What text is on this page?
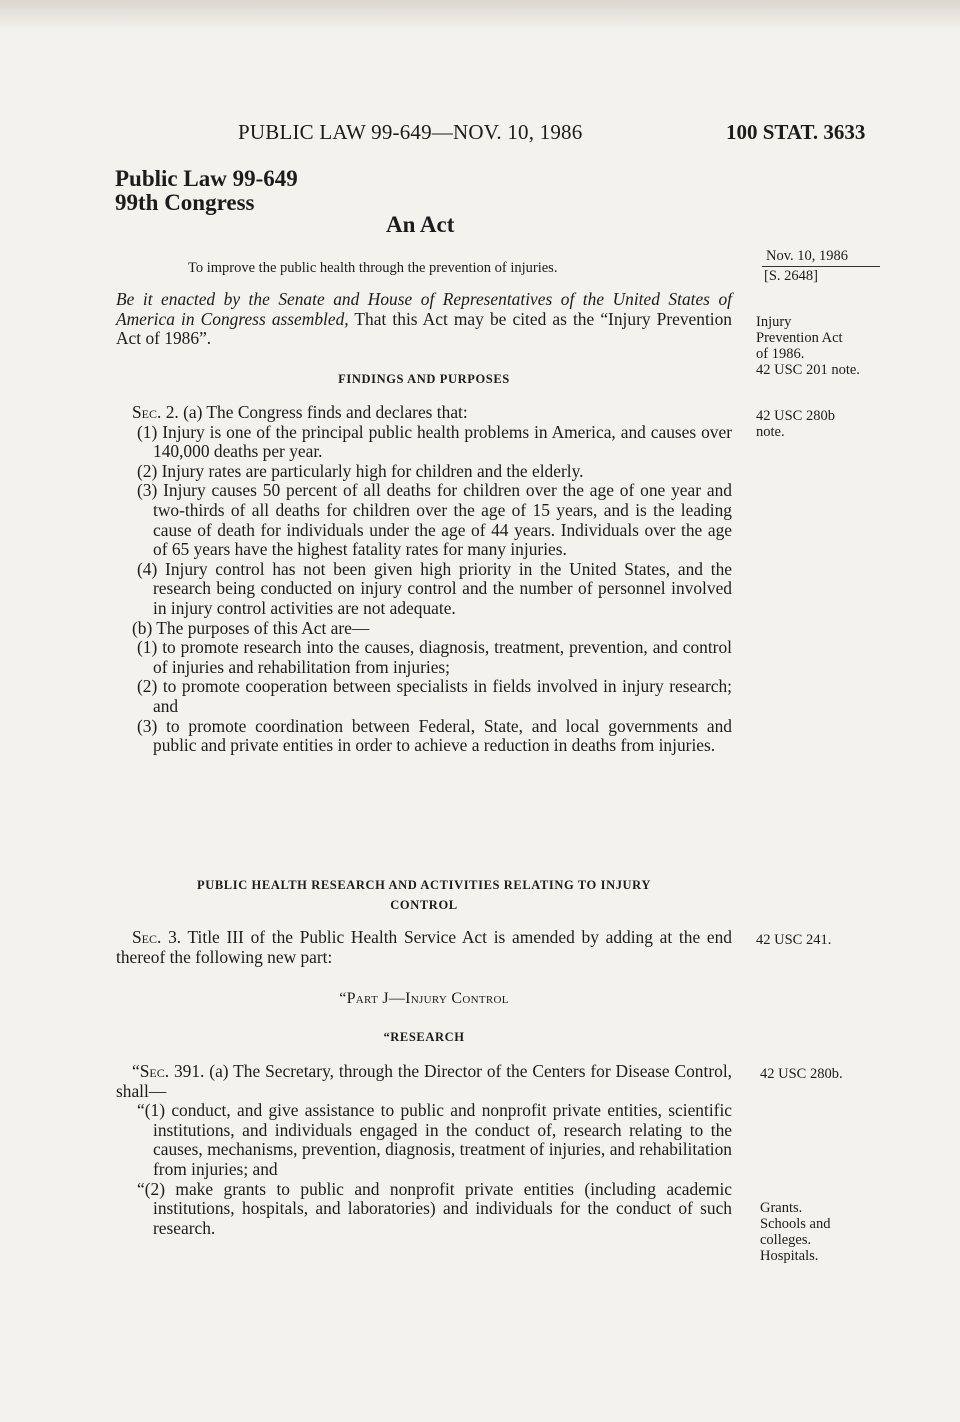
PUBLIC LAW 99-649—NOV. 10, 1986	100 STAT. 3633
Public Law 99-649
99th Congress
An Act
To improve the public health through the prevention of injuries.
Nov. 10, 1986
[S. 2648]
Injury
Prevention Act
of 1986.
42 USC 201 note.
42 USC 280b
note.
42 USC 241.
42 USC 280b.
Grants.
Schools and
colleges.
Hospitals.
Be it enacted by the Senate and House of Representatives of the United States of America in Congress assembled, That this Act may be cited as the “Injury Prevention Act of 1986”.
FINDINGS AND PURPOSES
Sec. 2. (a) The Congress finds and declares that:
(1) Injury is one of the principal public health problems in America, and causes over 140,000 deaths per year.
(2) Injury rates are particularly high for children and the elderly.
(3) Injury causes 50 percent of all deaths for children over the age of one year and two-thirds of all deaths for children over the age of 15 years, and is the leading cause of death for individuals under the age of 44 years. Individuals over the age of 65 years have the highest fatality rates for many injuries.
(4) Injury control has not been given high priority in the United States, and the research being conducted on injury control and the number of personnel involved in injury control activities are not adequate.
(b) The purposes of this Act are—
(1) to promote research into the causes, diagnosis, treatment, prevention, and control of injuries and rehabilitation from injuries;
(2) to promote cooperation between specialists in fields involved in injury research; and
(3) to promote coordination between Federal, State, and local governments and public and private entities in order to achieve a reduction in deaths from injuries.
PUBLIC HEALTH RESEARCH AND ACTIVITIES RELATING TO INJURY
CONTROL
Sec. 3. Title III of the Public Health Service Act is amended by adding at the end thereof the following new part:
“Part J—Injury Control
“RESEARCH
“Sec. 391. (a) The Secretary, through the Director of the Centers for Disease Control, shall—
“(1) conduct, and give assistance to public and nonprofit private entities, scientific institutions, and individuals engaged in the conduct of, research relating to the causes, mechanisms, prevention, diagnosis, treatment of injuries, and rehabilitation from injuries; and
“(2) make grants to public and nonprofit private entities (including academic institutions, hospitals, and laboratories) and individuals for the conduct of such research.
